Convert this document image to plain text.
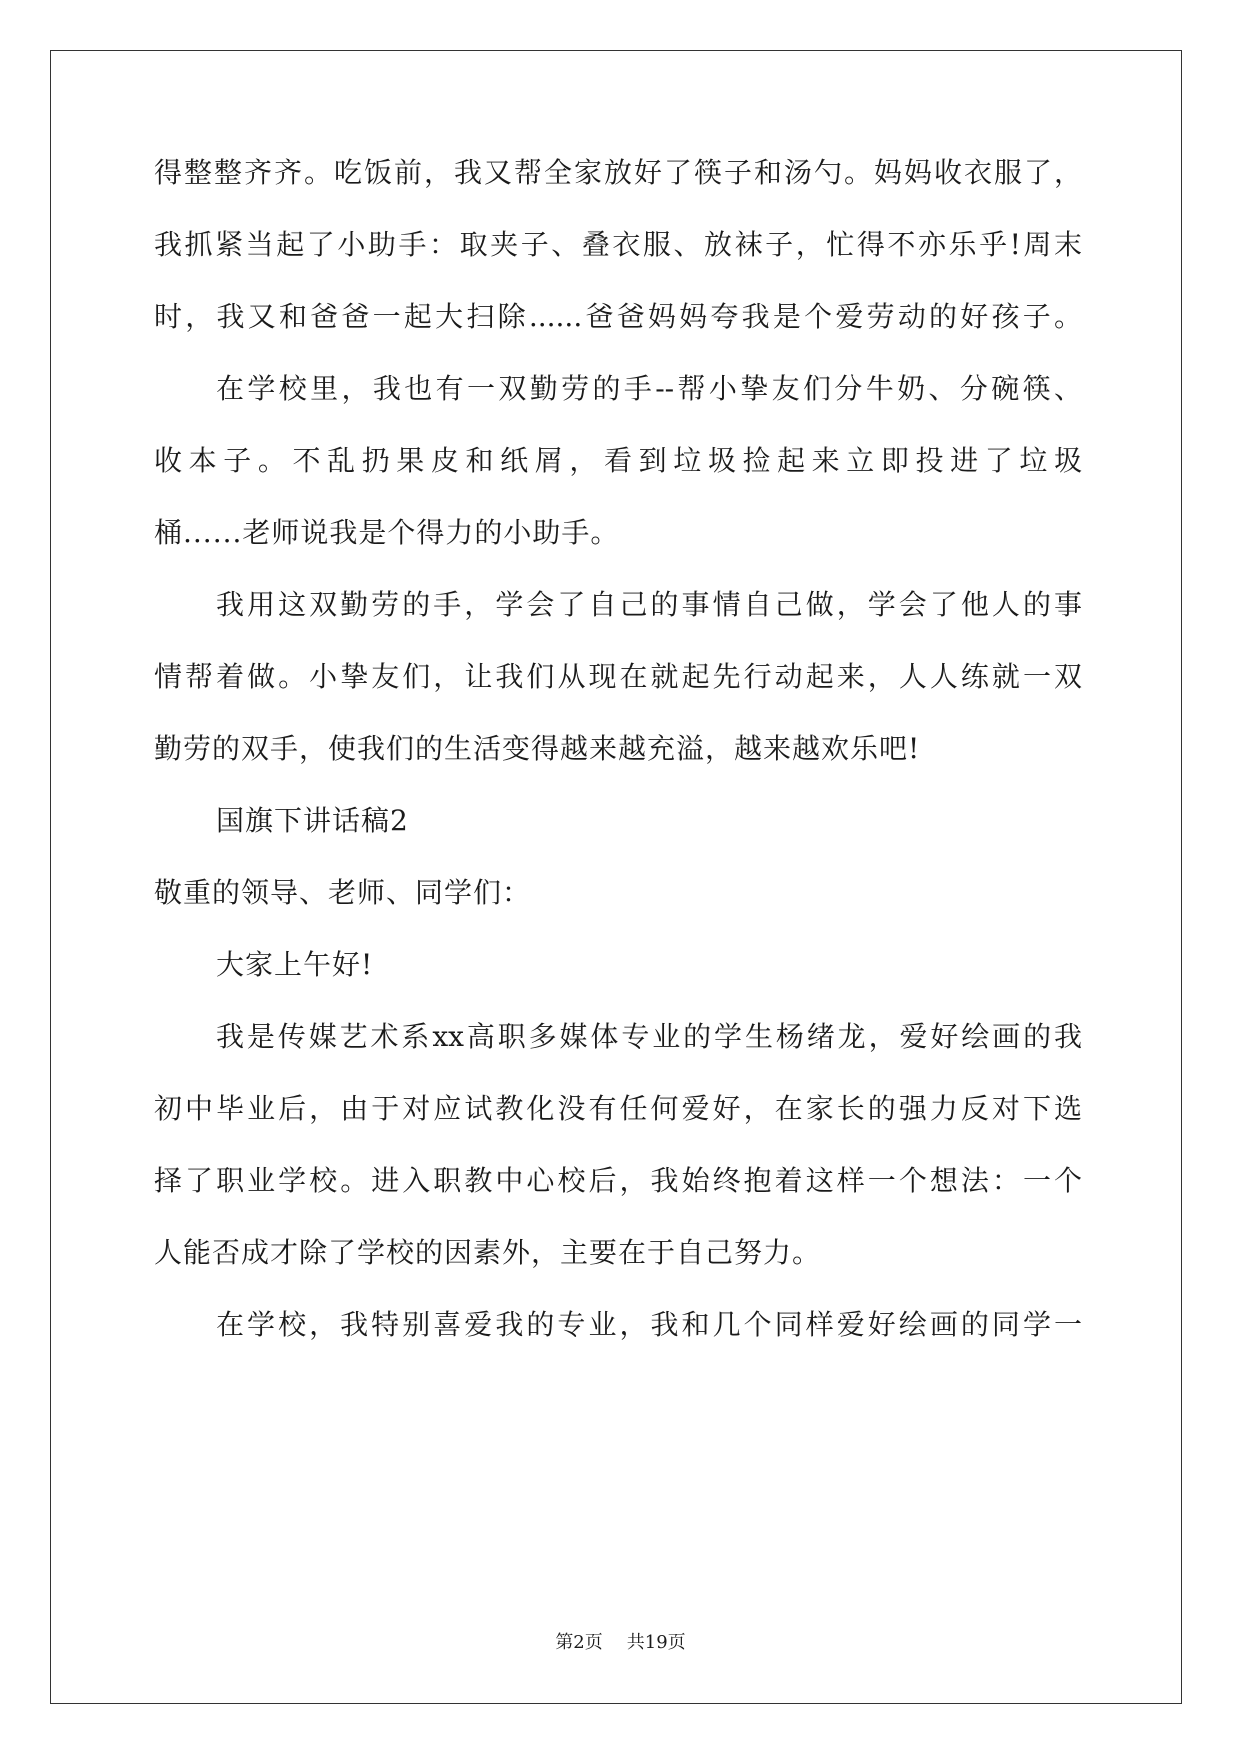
得整整齐齐。吃饭前，我又帮全家放好了筷子和汤勺。妈妈收衣服了，
我抓紧当起了小助手：取夹子、叠衣服、放袜子，忙得不亦乐乎!周末
时，我又和爸爸一起大扫除......爸爸妈妈夸我是个爱劳动的好孩子。
在学校里，我也有一双勤劳的手--帮小挚友们分牛奶、分碗筷、
收本子。不乱扔果皮和纸屑，看到垃圾捡起来立即投进了垃圾
桶......老师说我是个得力的小助手。
我用这双勤劳的手，学会了自己的事情自己做，学会了他人的事
情帮着做。小挚友们，让我们从现在就起先行动起来，人人练就一双
勤劳的双手，使我们的生活变得越来越充溢，越来越欢乐吧!
国旗下讲话稿2
敬重的领导、老师、同学们：
大家上午好!
我是传媒艺术系xx高职多媒体专业的学生杨绪龙，爱好绘画的我
初中毕业后，由于对应试教化没有任何爱好，在家长的强力反对下选
择了职业学校。进入职教中心校后，我始终抱着这样一个想法：一个
人能否成才除了学校的因素外，主要在于自己努力。
在学校，我特别喜爱我的专业，我和几个同样爱好绘画的同学一
第2页 共19页
